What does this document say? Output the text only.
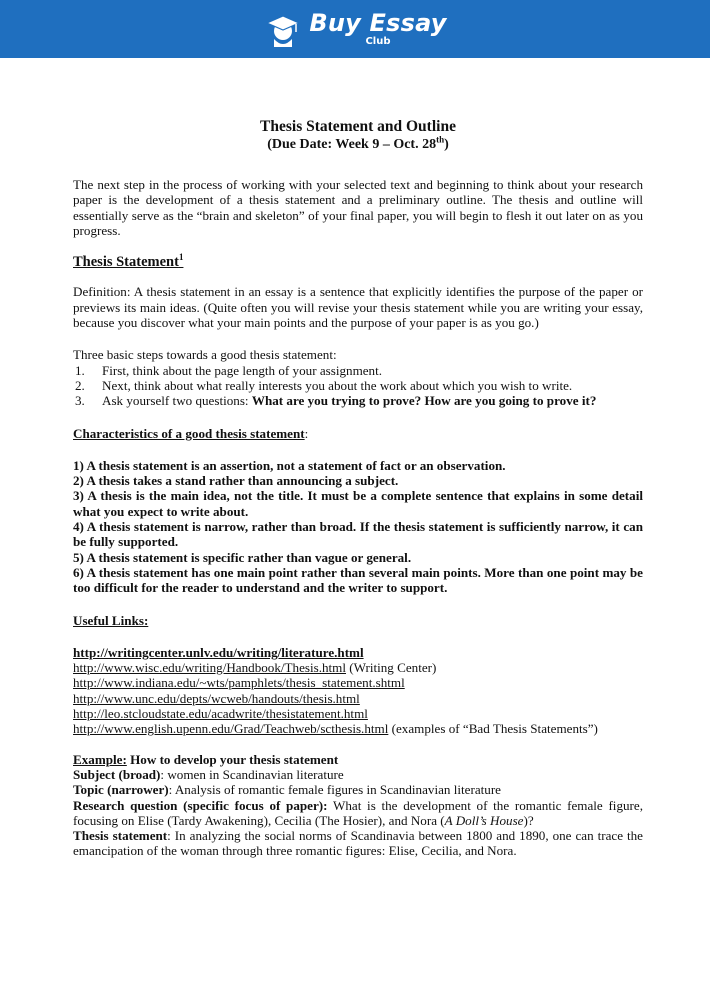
Buy Essay
Club
Thesis Statement and Outline
(Due Date: Week 9 – Oct. 28th)

The next step in the process of working with your selected text and beginning to think about your research paper is the development of a thesis statement and a preliminary outline. The thesis and outline will essentially serve as the “brain and skeleton” of your final paper, you will begin to flesh it out later on as you progress.

Thesis Statement$^1$

Definition: A thesis statement in an essay is a sentence that explicitly identifies the purpose of the paper or previews its main ideas. (Quite often you will revise your thesis statement while you are writing your essay, because you discover what your main points and the purpose of your paper is as you go.)

Three basic steps towards a good thesis statement:

1.	First, think about the page length of your assignment.
2.	Next, think about what really interests you about the work about which you wish to write.
3.	Ask yourself two questions: What are you trying to prove? How are you going to prove it?

Characteristics of a good thesis statement:

1) A thesis statement is an assertion, not a statement of fact or an observation.

2) A thesis takes a stand rather than announcing a subject.

3) A thesis is the main idea, not the title. It must be a complete sentence that explains in some detail what you expect to write about.

4) A thesis statement is narrow, rather than broad. If the thesis statement is sufficiently narrow, it can be fully supported.

5) A thesis statement is specific rather than vague or general.

6) A thesis statement has one main point rather than several main points. More than one point may be too difficult for the reader to understand and the writer to support.

Useful Links:

http://writingcenter.unlv.edu/writing/literature.html

http://www.wisc.edu/writing/Handbook/Thesis.html (Writing Center)

http://www.indiana.edu/~wts/pamphlets/thesis_statement.shtml

http://www.unc.edu/depts/wcweb/handouts/thesis.html

http://leo.stcloudstate.edu/acadwrite/thesistatement.html

http://www.english.upenn.edu/Grad/Teachweb/scthesis.html (examples of “Bad Thesis Statements”)

Example: How to develop your thesis statement

Subject (broad): women in Scandinavian literature

Topic (narrower): Analysis of romantic female figures in Scandinavian literature

Research question (specific focus of paper): What is the development of the romantic female figure, focusing on Elise (Tardy Awakening), Cecilia (The Hosier), and Nora (A Doll’s House)?

Thesis statement: In analyzing the social norms of Scandinavia between 1800 and 1890, one can trace the emancipation of the woman through three romantic figures: Elise, Cecilia, and Nora.
